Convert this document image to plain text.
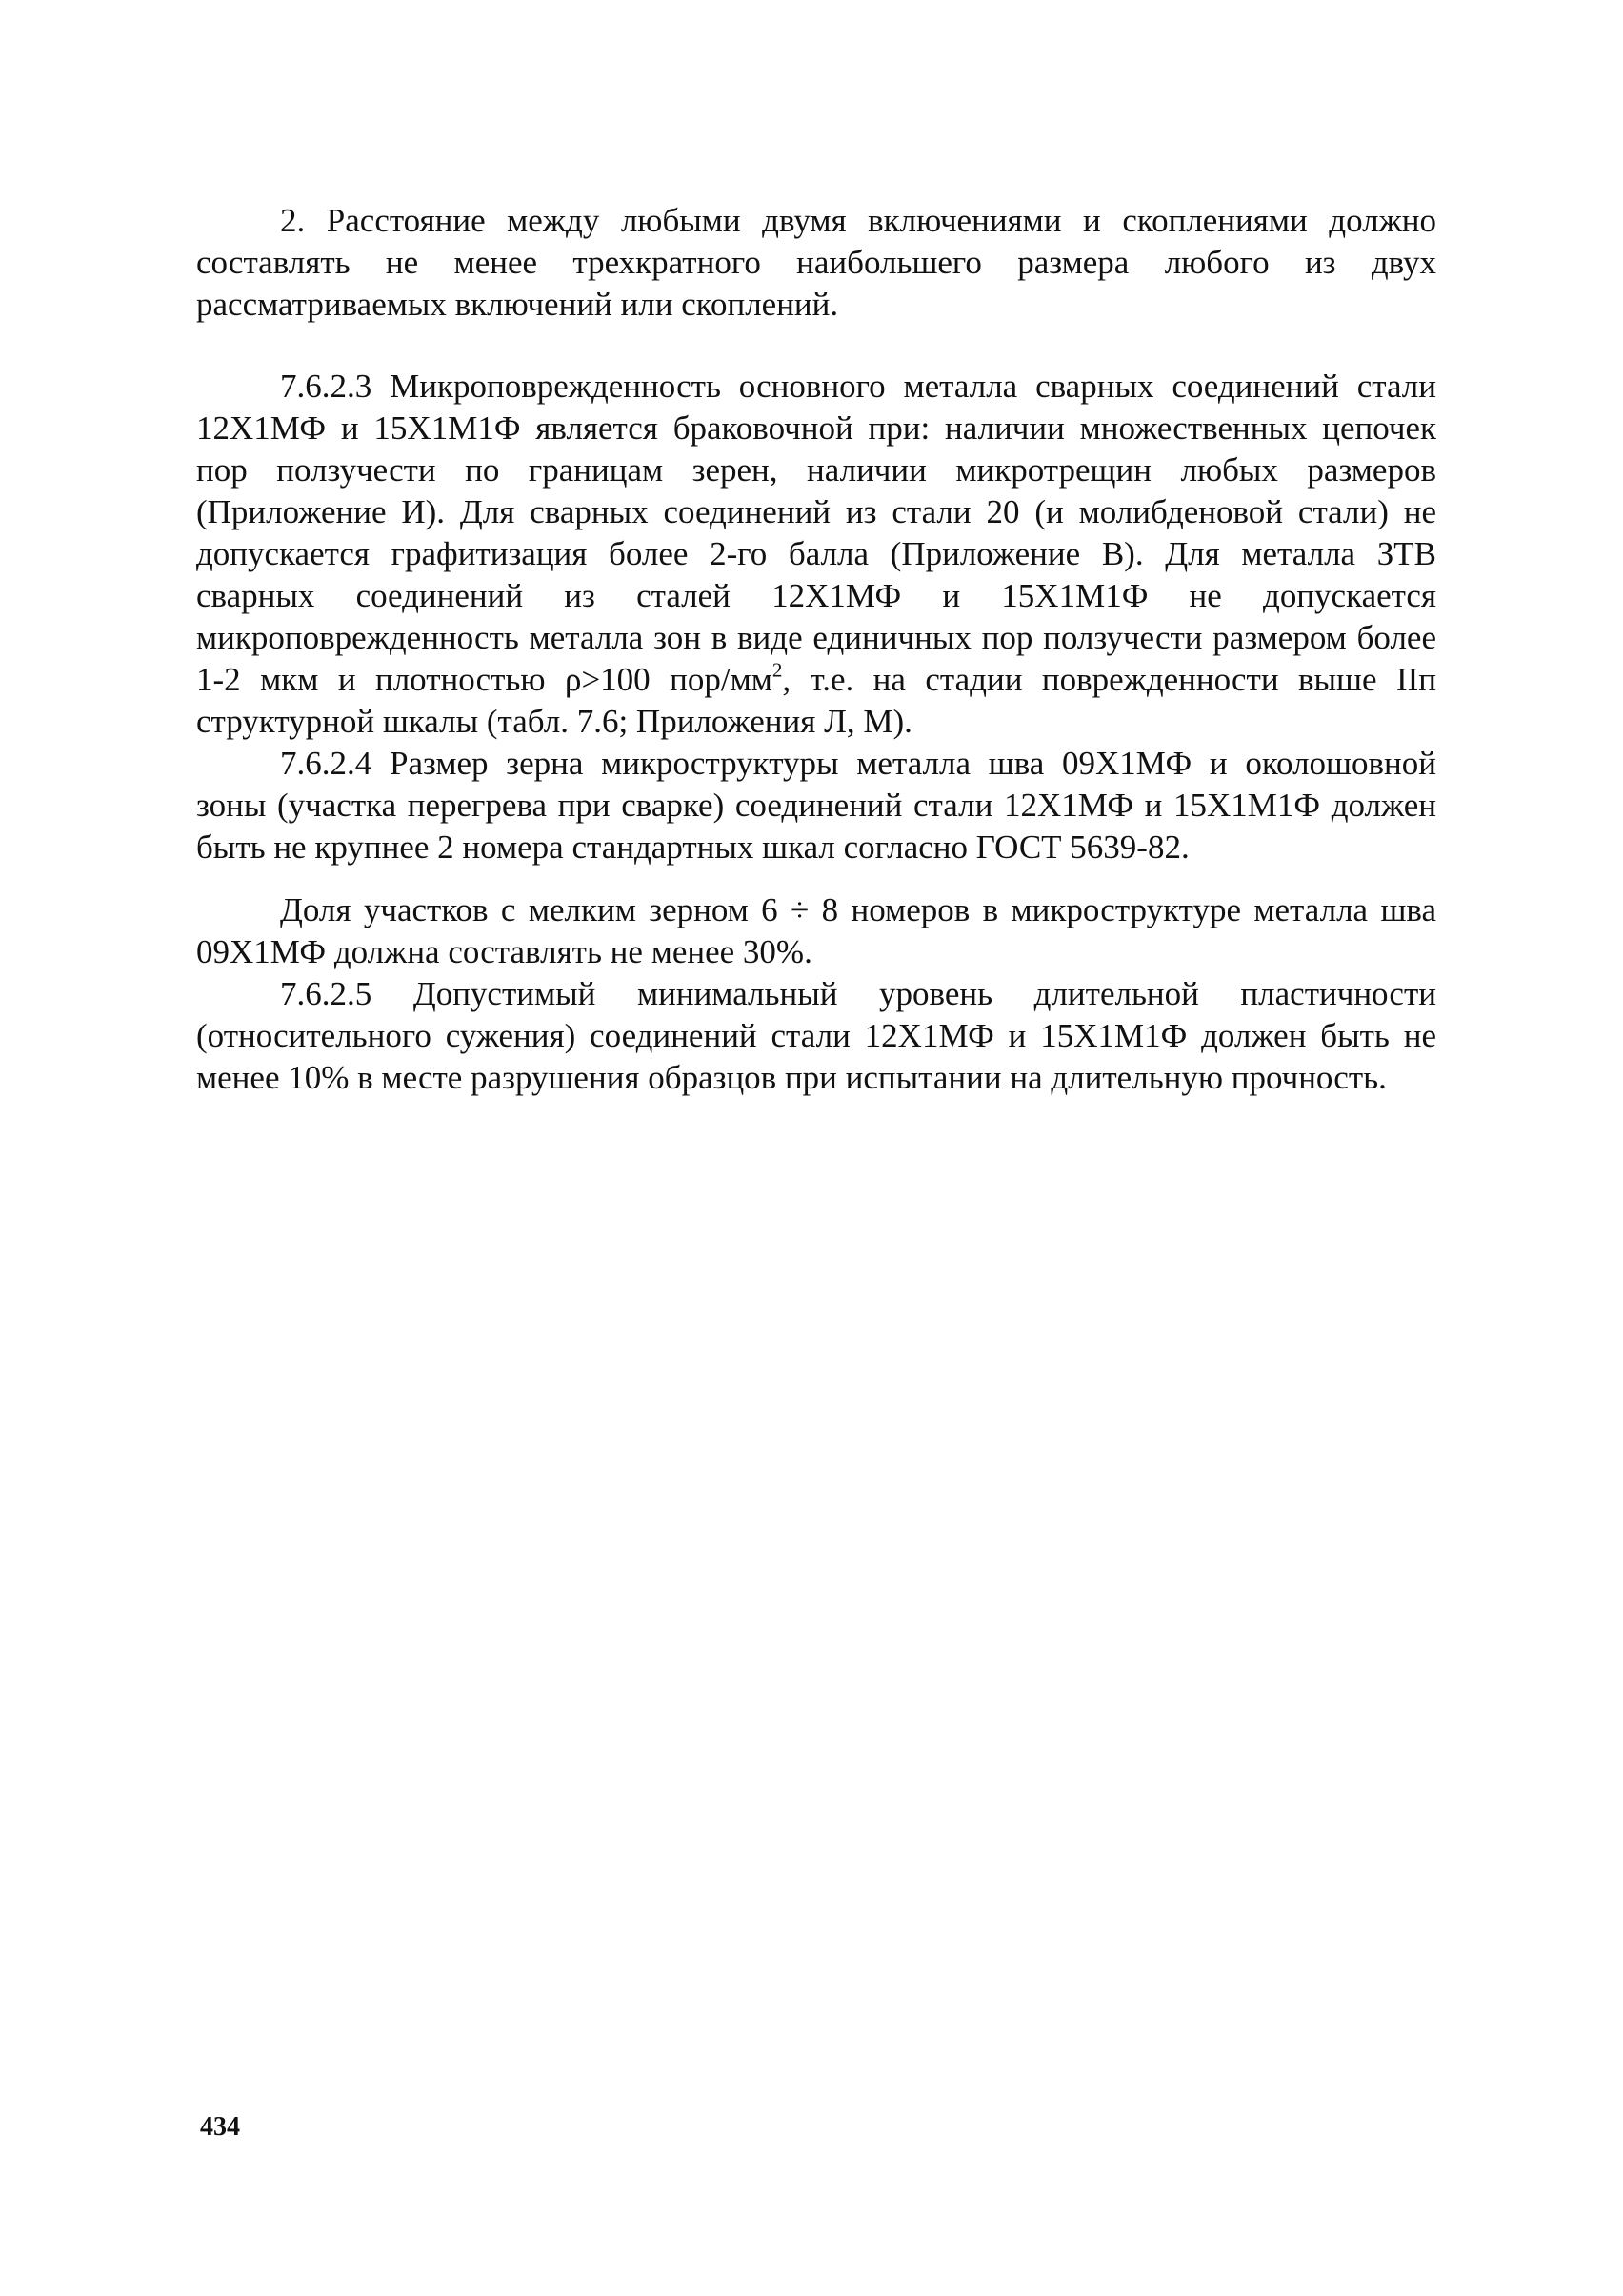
2. Расстояние между любыми двумя включениями и скоплениями должно составлять не менее трехкратного наибольшего размера любого из двух рассматриваемых включений или скоплений.

7.6.2.3 Микроповрежденность основного металла сварных соединений стали 12Х1МФ и 15Х1М1Ф является браковочной при: наличии множественных цепочек пор ползучести по границам зерен, наличии микротрещин любых размеров (Приложение И). Для сварных соединений из стали 20 (и молибденовой стали) не допускается графитизация более 2-го балла (Приложение В). Для металла ЗТВ сварных соединений из сталей 12Х1МФ и 15Х1М1Ф не допускается микроповрежденность металла зон в виде единичных пор ползучести размером более 1-2 мкм и плотностью ρ>100 пор/$мм^2$, т.е. на стадии поврежденности выше IIп структурной шкалы (табл. 7.6; Приложения Л, М).

7.6.2.4 Размер зерна микроструктуры металла шва 09Х1МФ и околошовной зоны (участка перегрева при сварке) соединений стали 12Х1МФ и 15Х1М1Ф должен быть не крупнее 2 номера стандартных шкал согласно ГОСТ 5639-82.

Доля участков с мелким зерном 6 ÷ 8 номеров в микроструктуре металла шва 09Х1МФ должна составлять не менее 30%.

7.6.2.5 Допустимый минимальный уровень длительной пластичности (относительного сужения) соединений стали 12Х1МФ и 15Х1М1Ф должен быть не менее 10% в месте разрушения образцов при испытании на длительную прочность.

434
